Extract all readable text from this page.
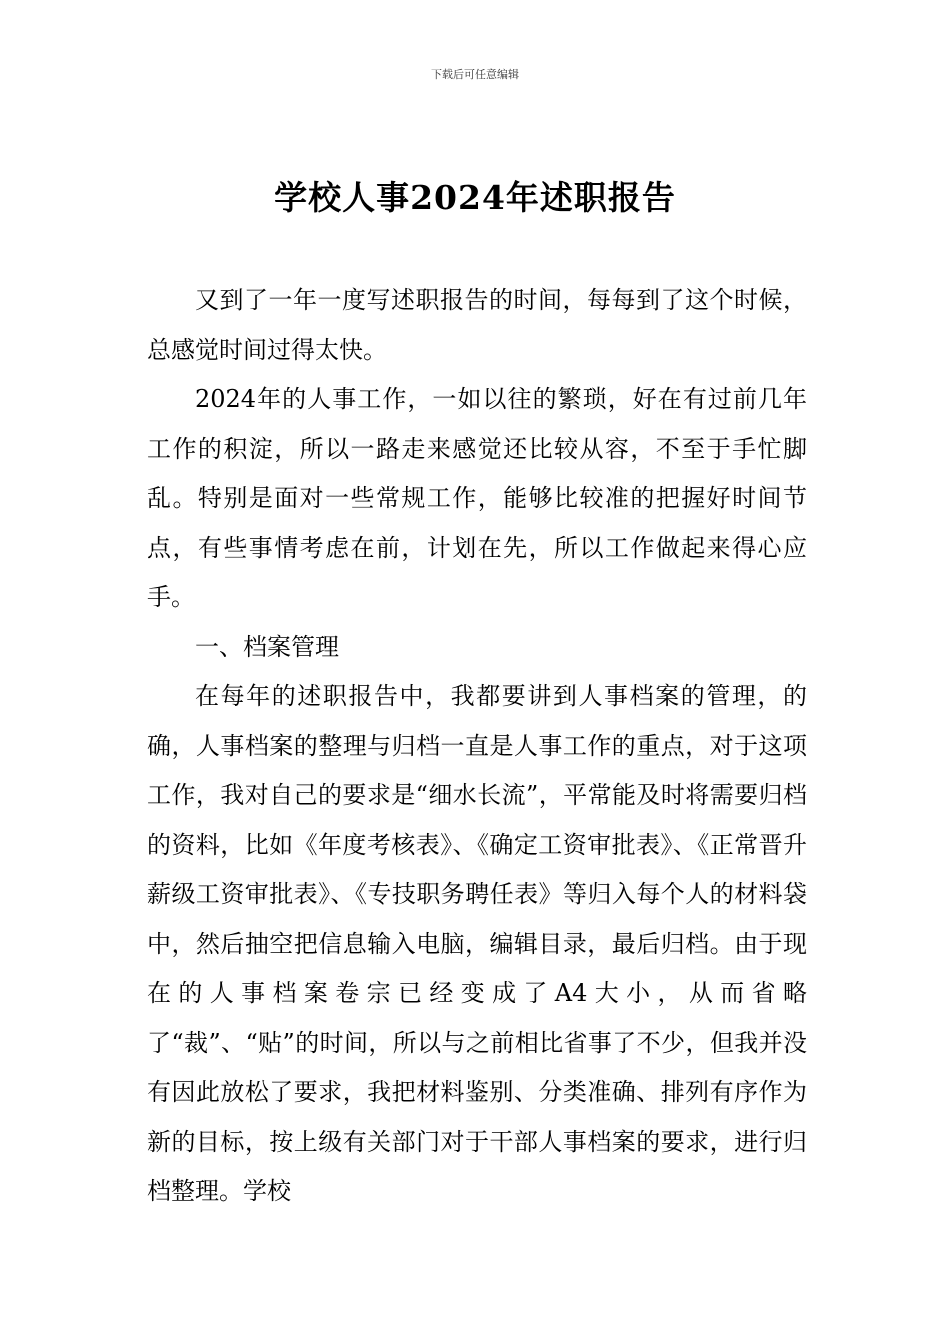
下载后可任意编辑
学校人事2024年述职报告

又到了一年一度写述职报告的时间，每每到了这个时候，总感觉时间过得太快。

2024年的人事工作，一如以往的繁琐，好在有过前几年工作的积淀，所以一路走来感觉还比较从容，不至于手忙脚乱。特别是面对一些常规工作，能够比较准的把握好时间节点，有些事情考虑在前，计划在先，所以工作做起来得心应手。

一、档案管理

在每年的述职报告中，我都要讲到人事档案的管理，的确，人事档案的整理与归档一直是人事工作的重点，对于这项工作，我对自己的要求是“细水长流”，平常能及时将需要归档的资料，比如《年度考核表》、《确定工资审批表》、《正常晋升薪级工资审批表》、《专技职务聘任表》等归入每个人的材料袋中，然后抽空把信息输入电脑，编辑目录，最后归档。由于现在的人事档案卷宗已经变成了A4大小，从而省略了“裁”、“贴”的时间，所以与之前相比省事了不少，但我并没有因此放松了要求，我把材料鉴别、分类准确、排列有序作为新的目标，按上级有关部门对于干部人事档案的要求，进行归档整理。学校
